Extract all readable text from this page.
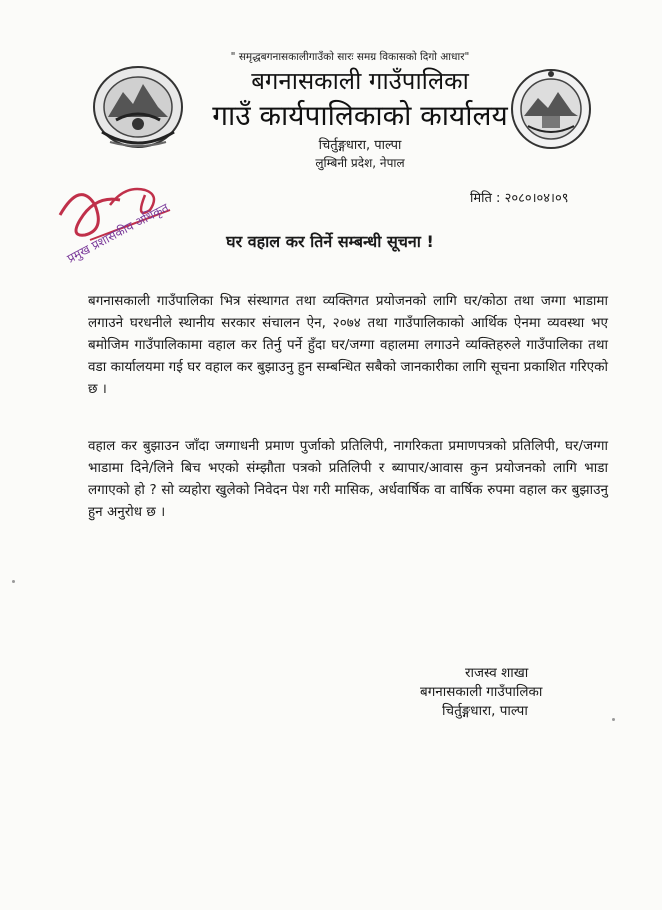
" समृद्धबगनासकालीगाउँको सारः समग्र विकासको दिगो आधार"
बगनासकाली गाउँपालिका
गाउँ कार्यपालिकाको कार्यालय
चिर्तुङ्गधारा, पाल्पा
लुम्बिनी प्रदेश, नेपाल
प्रमुख प्रशासकीय अधिकृत
मिति : २०८०।०४।०९
घर वहाल कर तिर्ने सम्बन्धी सूचना !
बगनासकाली गाउँपालिका भित्र संस्थागत तथा व्यक्तिगत प्रयोजनको लागि घर/कोठा तथा जग्गा भाडामा लगाउने घरधनीले स्थानीय सरकार संचालन ऐन, २०७४ तथा गाउँपालिकाको आर्थिक ऐनमा व्यवस्था भए बमोजिम गाउँपालिकामा वहाल कर तिर्नु पर्ने हुँदा घर/जग्गा वहालमा लगाउने व्यक्तिहरुले गाउँपालिका तथा वडा कार्यालयमा गई घर वहाल कर बुझाउनु हुन सम्बन्धित सबैको जानकारीका लागि सूचना प्रकाशित गरिएको छ ।
वहाल कर बुझाउन जाँदा जग्गाधनी प्रमाण पुर्जाको प्रतिलिपी, नागरिकता प्रमाणपत्रको प्रतिलिपी, घर/जग्गा भाडामा दिने/लिने बिच भएको संम्झौता पत्रको प्रतिलिपी र ब्यापार/आवास कुन प्रयोजनको लागि भाडा लगाएको हो ? सो व्यहोरा खुलेको निवेदन पेश गरी मासिक, अर्धवार्षिक वा वार्षिक रुपमा वहाल कर बुझाउनु हुन अनुरोध छ ।
राजस्व शाखा
बगनासकाली गाउँपालिका
चिर्तुङ्गधारा, पाल्पा
